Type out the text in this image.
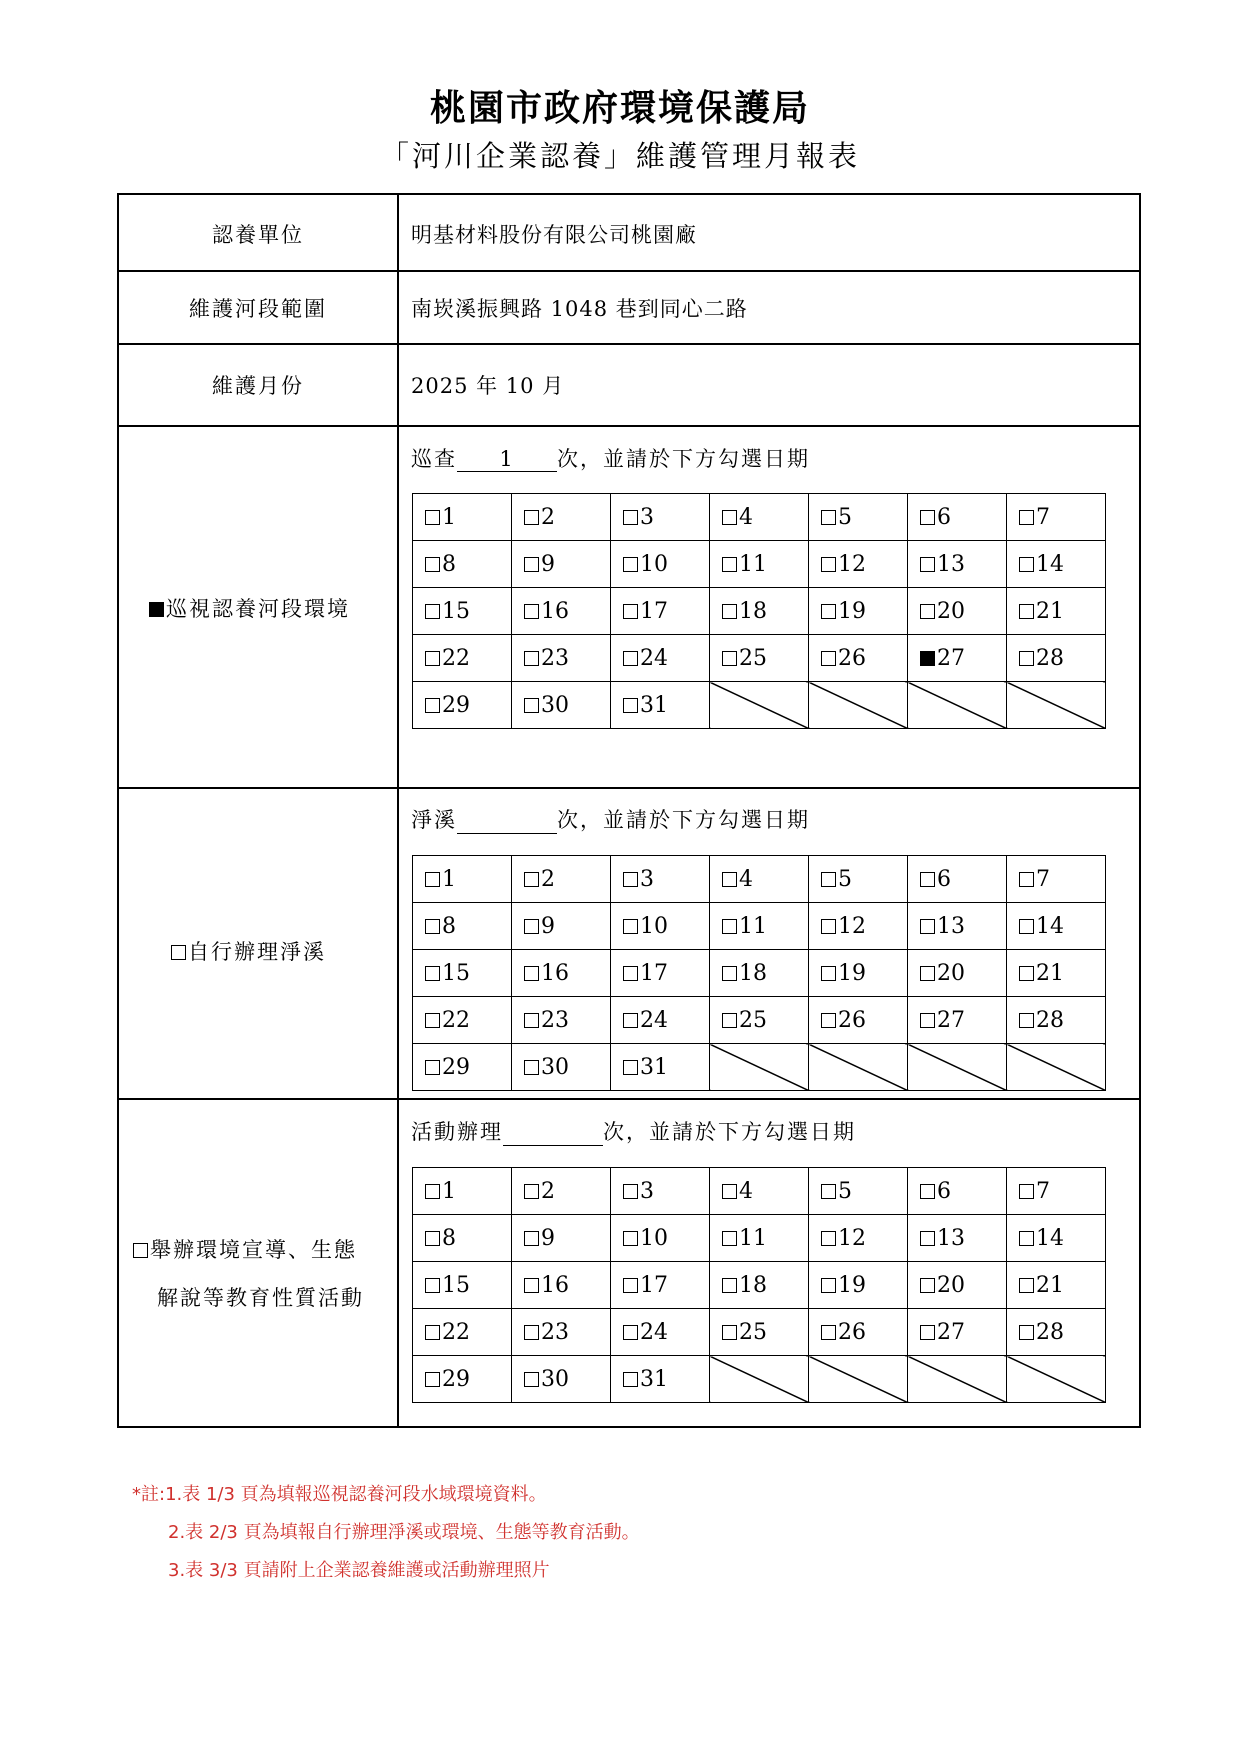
桃園市政府環境保護局
「河川企業認養」維護管理月報表
認養單位	明基材料股份有限公司桃園廠
維護河段範圍	南崁溪振興路 1048 巷到同心二路
維護月份	2025 年 10 月
巡視認養河段環境
巡查 1 次，並請於下方勾選日期
1	2	3	4	5	6	7
8	9	10	11	12	13	14
15	16	17	18	19	20	21
22	23	24	25	26	27	28
29	30	31				
自行辦理淨溪
淨溪	次，並請於下方勾選日期
1	2	3	4	5	6	7
8	9	10	11	12	13	14
15	16	17	18	19	20	21
22	23	24	25	26	27	28
29	30	31				
舉辦環境宣導、生態
解說等教育性質活動
活動辦理	次，並請於下方勾選日期
1	2	3	4	5	6	7
8	9	10	11	12	13	14
15	16	17	18	19	20	21
22	23	24	25	26	27	28
29	30	31				
*註:1.表 1/3 頁為填報巡視認養河段水域環境資料。
2.表 2/3 頁為填報自行辦理淨溪或環境、生態等教育活動。
3.表 3/3 頁請附上企業認養維護或活動辦理照片
